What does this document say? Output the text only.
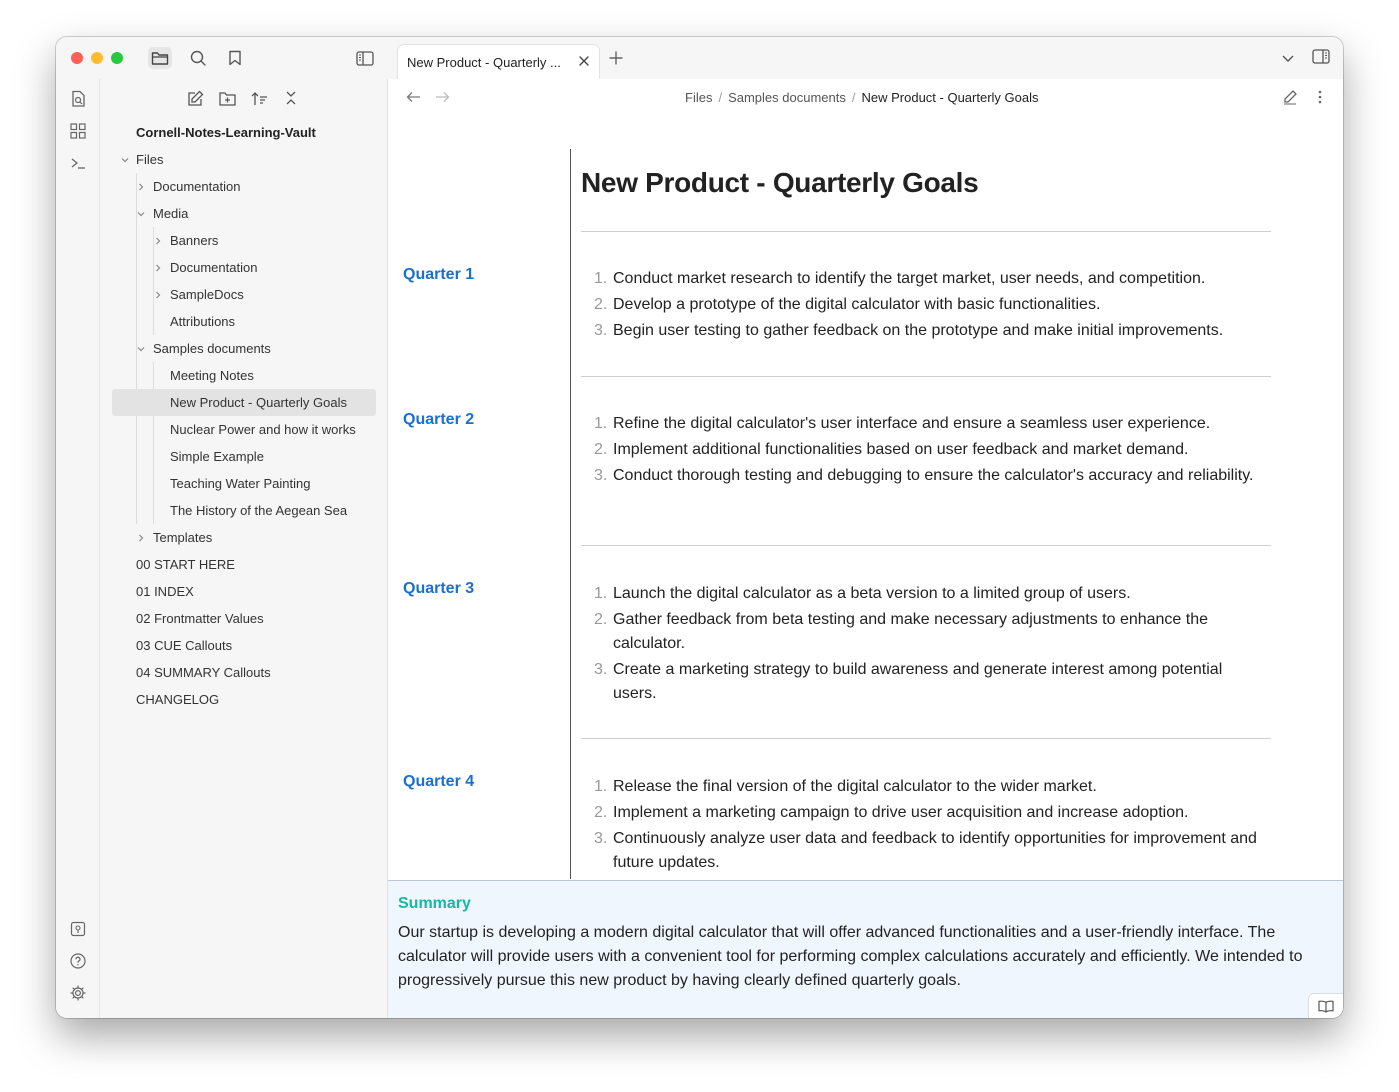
Cornell-Notes-Learning-Vault
Files
Documentation
Media
Banners
Documentation
SampleDocs
Attributions
Samples documents
Meeting Notes
New Product - Quarterly Goals
Nuclear Power and how it works
Simple Example
Teaching Water Painting
The History of the Aegean Sea
Templates
00 START HERE
01 INDEX
02 Frontmatter Values
03 CUE Callouts
04 SUMMARY Callouts
CHANGELOG
New Product - Quarterly ...
Files / Samples documents / New Product - Quarterly Goals
New Product - Quarterly Goals
Quarter 1	1. Conduct market research to identify the target market, user needs, and competition.
2. Develop a prototype of the digital calculator with basic functionalities.
3. Begin user testing to gather feedback on the prototype and make initial improvements.
Quarter 2	1. Refine the digital calculator's user interface and ensure a seamless user experience.
2. Implement additional functionalities based on user feedback and market demand.
3. Conduct thorough testing and debugging to ensure the calculator's accuracy and reliability.
Quarter 3	1. Launch the digital calculator as a beta version to a limited group of users.
2. Gather feedback from beta testing and make necessary adjustments to enhance the calculator.
3. Create a marketing strategy to build awareness and generate interest among potential users.
Quarter 4	1. Release the final version of the digital calculator to the wider market.
2. Implement a marketing campaign to drive user acquisition and increase adoption.
3. Continuously analyze user data and feedback to identify opportunities for improvement and future updates.
Summary
Our startup is developing a modern digital calculator that will offer advanced functionalities and a user-friendly interface. The calculator will provide users with a convenient tool for performing complex calculations accurately and efficiently. We intended to progressively pursue this new product by having clearly defined quarterly goals.
